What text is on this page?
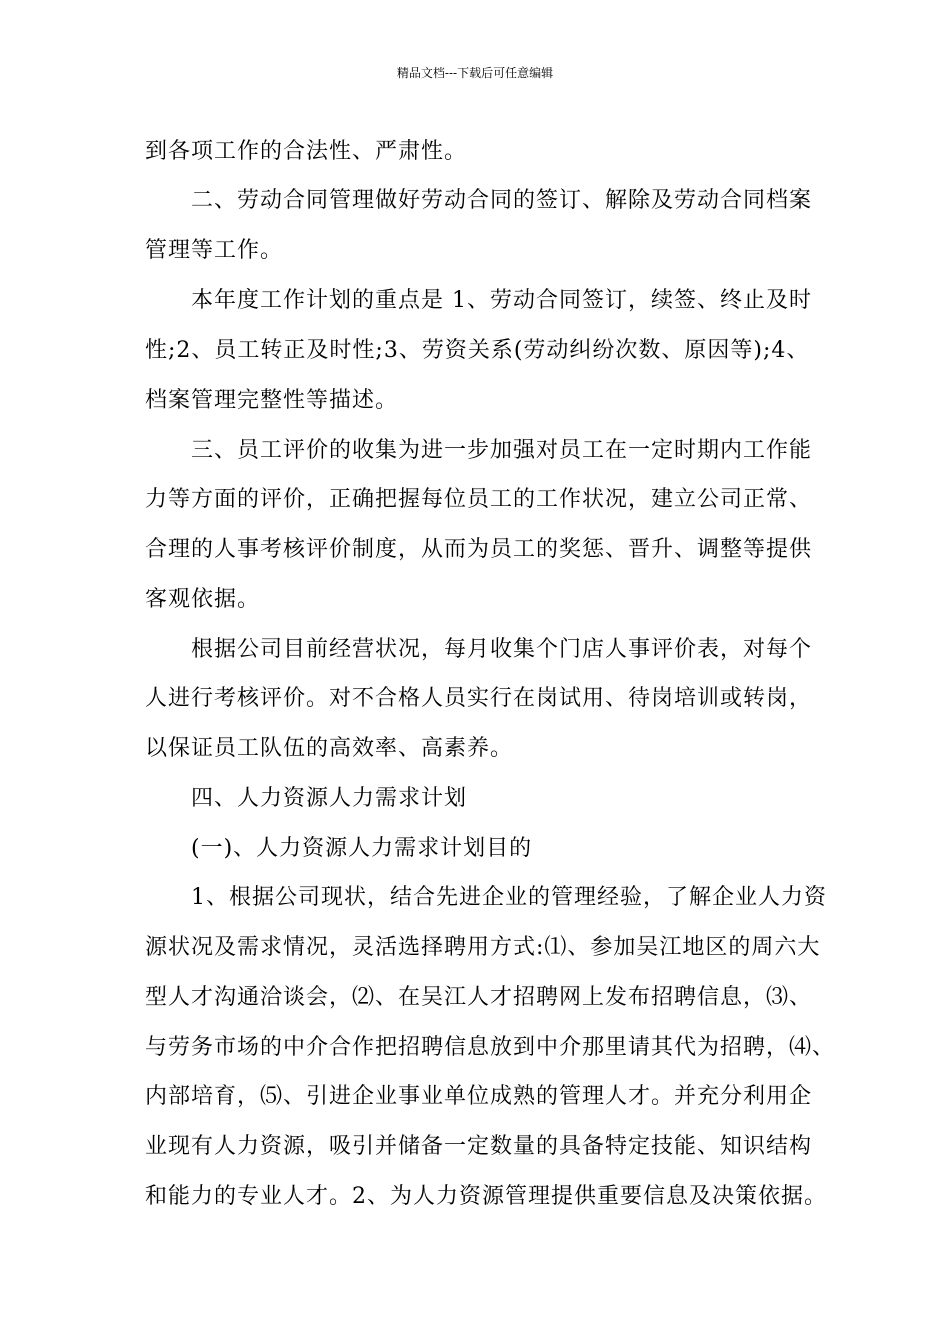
精品文档---下载后可任意编辑
到各项工作的合法性、严肃性。
　　二、劳动合同管理做好劳动合同的签订、解除及劳动合同档案
管理等工作。
　　本年度工作计划的重点是 1、劳动合同签订，续签、终止及时
性;2、员工转正及时性;3、劳资关系(劳动纠纷次数、原因等);4、
档案管理完整性等描述。
　　三、员工评价的收集为进一步加强对员工在一定时期内工作能
力等方面的评价，正确把握每位员工的工作状况，建立公司正常、
合理的人事考核评价制度，从而为员工的奖惩、晋升、调整等提供
客观依据。
　　根据公司目前经营状况，每月收集个门店人事评价表，对每个
人进行考核评价。对不合格人员实行在岗试用、待岗培训或转岗，
以保证员工队伍的高效率、高素养。
　　四、人力资源人力需求计划
　　(一)、人力资源人力需求计划目的
　　1、根据公司现状，结合先进企业的管理经验，了解企业人力资
源状况及需求情况，灵活选择聘用方式:⑴、参加吴江地区的周六大
型人才沟通洽谈会，⑵、在吴江人才招聘网上发布招聘信息，⑶、
与劳务市场的中介合作把招聘信息放到中介那里请其代为招聘，⑷、
内部培育，⑸、引进企业事业单位成熟的管理人才。并充分利用企
业现有人力资源，吸引并储备一定数量的具备特定技能、知识结构
和能力的专业人才。2、为人力资源管理提供重要信息及决策依据。
